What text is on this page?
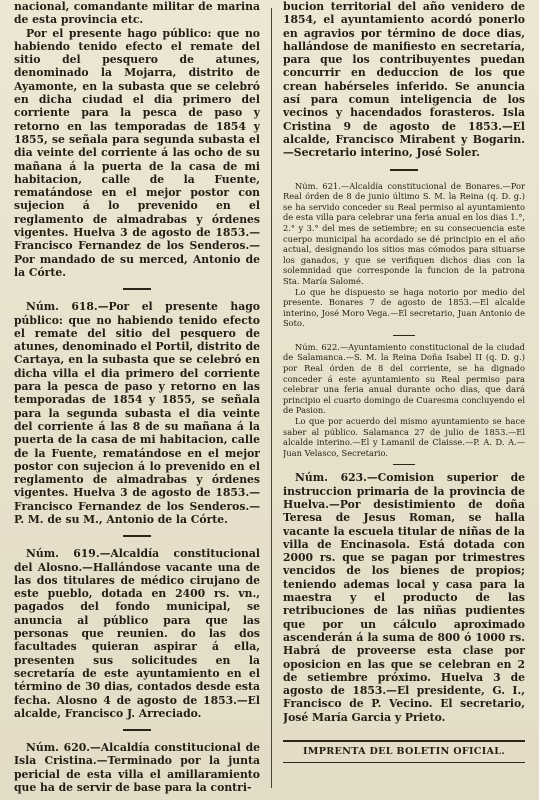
nacional, comandante militar de marina de esta provincia etc.

Por el presente hago público: que no habiendo tenido efecto el remate del sitio del pesquero de atunes, denominado la Mojarra, distrito de Ayamonte, en la subasta que se celebró en dicha ciudad el dia primero del corriente para la pesca de paso y retorno en las temporadas de 1854 y 1855, se señala para segunda subasta el dia veinte del corriente á las ocho de su mañana á la puerta de la casa de mi habitacion, calle de la Fuente, rematándose en el mejor postor con sujecion á lo prevenido en el reglamento de almadrabas y órdenes vigentes. Huelva 3 de agosto de 1853.—Francisco Fernandez de los Senderos.—Por mandado de su merced, Antonio de la Córte.

Núm. 618.—Por el presente hago público: que no habiendo tenido efecto el remate del sitio del pesquero de atunes, denominado el Portil, distrito de Cartaya, en la subasta que se celebró en dicha villa el dia primero del corriente para la pesca de paso y retorno en las temporadas de 1854 y 1855, se señala para la segunda subasta el dia veinte del corriente á las 8 de su mañana á la puerta de la casa de mi habitacion, calle de la Fuente, rematándose en el mejor postor con sujecion á lo prevenido en el reglamento de almadrabas y órdenes vigentes. Huelva 3 de agosto de 1853.—Francisco Fernandez de los Senderos.—P. M. de su M., Antonio de la Córte.

Núm. 619.—Alcaldía constitucional del Alosno.—Hallándose vacante una de las dos titulares de médico cirujano de este pueblo, dotada en 2400 rs. vn., pagados del fondo municipal, se anuncia al público para que las personas que reunien. do las dos facultades quieran aspirar á ella, presenten sus solicitudes en la secretaría de este ayuntamiento en el término de 30 dias, contados desde esta fecha. Alosno 4 de agosto de 1853.—El alcalde, Francisco J. Arreciado.

Núm. 620.—Alcaldía constitucional de Isla Cristina.—Terminado por la junta pericial de esta villa el amillaramiento que ha de servir de base para la contri-

bucion territorial del año venidero de 1854, el ayuntamiento acordó ponerlo en agravios por término de doce dias, hallándose de manifiesto en secretaría, para que los contribuyentes puedan concurrir en deduccion de los que crean habérseles inferido. Se anuncia así para comun inteligencia de los vecinos y hacendados forasteros. Isla Cristina 9 de agosto de 1853.—El alcalde, Francisco Mirabent y Bogarin.—Secretario interino, José Soler.

Núm. 621.—Alcaldía constitucional de Bonares.—Por Real órden de 8 de junio último S. M. la Reina (q. D. g.) se ha servido conceder su Real permiso al ayuntamiento de esta villa para celebrar una feria anual en los dias 1.°, 2.° y 3.° del mes de setiembre; en su consecuencia este cuerpo municipal ha acordado se dé principio en el año actual, designando los sitios mas cómodos para situarse los ganados, y que se verifiquen dichos dias con la solemnidad que corresponde la funcion de la patrona Sta. María Salomé.

Lo que he dispuesto se haga notorio por medio del presente. Bonares 7 de agosto de 1853.—El alcalde interino, José Moro Vega.—El secretario, Juan Antonio de Soto.

Núm. 622.—Ayuntamiento constitucional de la ciudad de Salamanca.—S. M. la Reina Doña Isabel II (q. D. g.) por Real órden de 8 del corriente, se ha dignado conceder á este ayuntamiento su Real permiso para celebrar una feria anual durante ocho dias, que dará principio el cuarto domingo de Cuaresma concluyendo el de Pasion.

Lo que por acuerdo del mismo ayuntamiento se hace saber al público. Salamanca 27 de julio de 1853.—El alcalde interino.—El y Lamanil de Claisse.—P. A. D. A.—Juan Velasco, Secretario.

Núm. 623.—Comision superior de instruccion primaria de la provincia de Huelva.—Por desistimiento de doña Teresa de Jesus Roman, se halla vacante la escuela titular de niñas de la villa de Encinasola. Está dotada con 2000 rs. que se pagan por trimestres vencidos de los bienes de propios; teniendo ademas local y casa para la maestra y el producto de las retribuciones de las niñas pudientes que por un cálculo aproximado ascenderán á la suma de 800 ó 1000 rs. Habrá de proveerse esta clase por oposicion en las que se celebran en 2 de setiembre próximo. Huelva 3 de agosto de 1853.—El presidente, G. I., Francisco de P. Vecino. El secretario, José María Garcia y Prieto.

IMPRENTA DEL BOLETIN OFICIAL.
